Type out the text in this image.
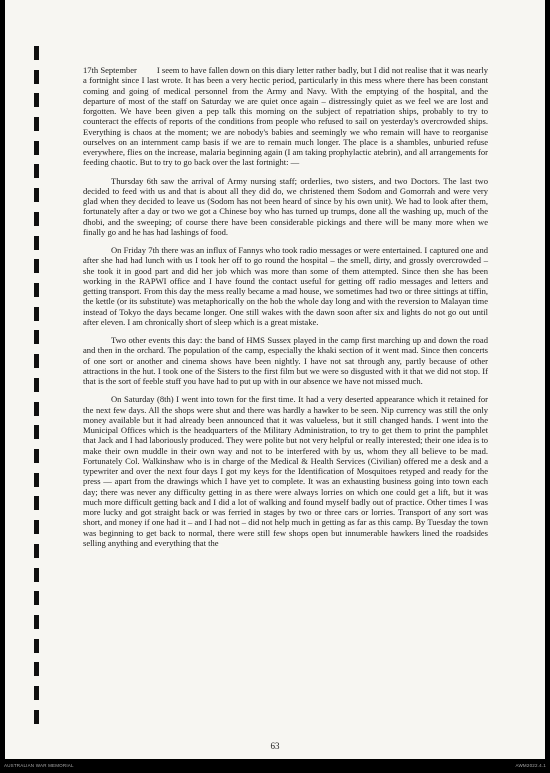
17th September I seem to have fallen down on this diary letter rather badly, but I did not realise that it was nearly a fortnight since I last wrote. It has been a very hectic period, particularly in this mess where there has been constant coming and going of medical personnel from the Army and Navy. With the emptying of the hospital, and the departure of most of the staff on Saturday we are quiet once again – distressingly quiet as we feel we are lost and forgotten. We have been given a pep talk this morning on the subject of repatriation ships, probably to try to counteract the effects of reports of the conditions from people who refused to sail on yesterday's overcrowded ships. Everything is chaos at the moment; we are nobody's babies and seemingly we who remain will have to reorganise ourselves on an internment camp basis if we are to remain much longer. The place is a shambles, unburied refuse everywhere, flies on the increase, malaria beginning again (I am taking prophylactic atebrin), and all arrangements for feeding chaotic. But to try to go back over the last fortnight: —

Thursday 6th saw the arrival of Army nursing staff; orderlies, two sisters, and two Doctors. The last two decided to feed with us and that is about all they did do, we christened them Sodom and Gomorrah and were very glad when they decided to leave us (Sodom has not been heard of since by his own unit). We had to look after them, fortunately after a day or two we got a Chinese boy who has turned up trumps, done all the washing up, much of the dhobi, and the sweeping; of course there have been considerable pickings and there will be many more when we finally go and he has had lashings of food.

On Friday 7th there was an influx of Fannys who took radio messages or were entertained. I captured one and after she had had lunch with us I took her off to go round the hospital – the smell, dirty, and grossly overcrowded – she took it in good part and did her job which was more than some of them attempted. Since then she has been working in the RAPWI office and I have found the contact useful for getting off radio messages and letters and getting transport. From this day the mess really became a mad house, we sometimes had two or three sittings at tiffin, the kettle (or its substitute) was metaphorically on the hob the whole day long and with the reversion to Malayan time instead of Tokyo the days became longer. One still wakes with the dawn soon after six and lights do not go out until after eleven. I am chronically short of sleep which is a great mistake.

Two other events this day: the band of HMS Sussex played in the camp first marching up and down the road and then in the orchard. The population of the camp, especially the khaki section of it went mad. Since then concerts of one sort or another and cinema shows have been nightly. I have not sat through any, partly because of other attractions in the hut. I took one of the Sisters to the first film but we were so disgusted with it that we did not stop. If that is the sort of feeble stuff you have had to put up with in our absence we have not missed much.

On Saturday (8th) I went into town for the first time. It had a very deserted appearance which it retained for the next few days. All the shops were shut and there was hardly a hawker to be seen. Nip currency was still the only money available but it had already been announced that it was valueless, but it still changed hands. I went into the Municipal Offices which is the headquarters of the Military Administration, to try to get them to print the pamphlet that Jack and I had laboriously produced. They were polite but not very helpful or really interested; their one idea is to make their own muddle in their own way and not to be interfered with by us, whom they all believe to be mad. Fortunately Col. Walkinshaw who is in charge of the Medical & Health Services (Civilian) offered me a desk and a typewriter and over the next four days I got my keys for the Identification of Mosquitoes retyped and ready for the press — apart from the drawings which I have yet to complete. It was an exhausting business going into town each day; there was never any difficulty getting in as there were always lorries on which one could get a lift, but it was much more difficult getting back and I did a lot of walking and found myself badly out of practice. Other times I was more lucky and got straight back or was ferried in stages by two or three cars or lorries. Transport of any sort was short, and money if one had it – and I had not – did not help much in getting as far as this camp. By Tuesday the town was beginning to get back to normal, there were still few shops open but innumerable hawkers lined the roadsides selling anything and everything that the

63
AUSTRALIAN WAR MEMORIAL	AWM2022.4.1
